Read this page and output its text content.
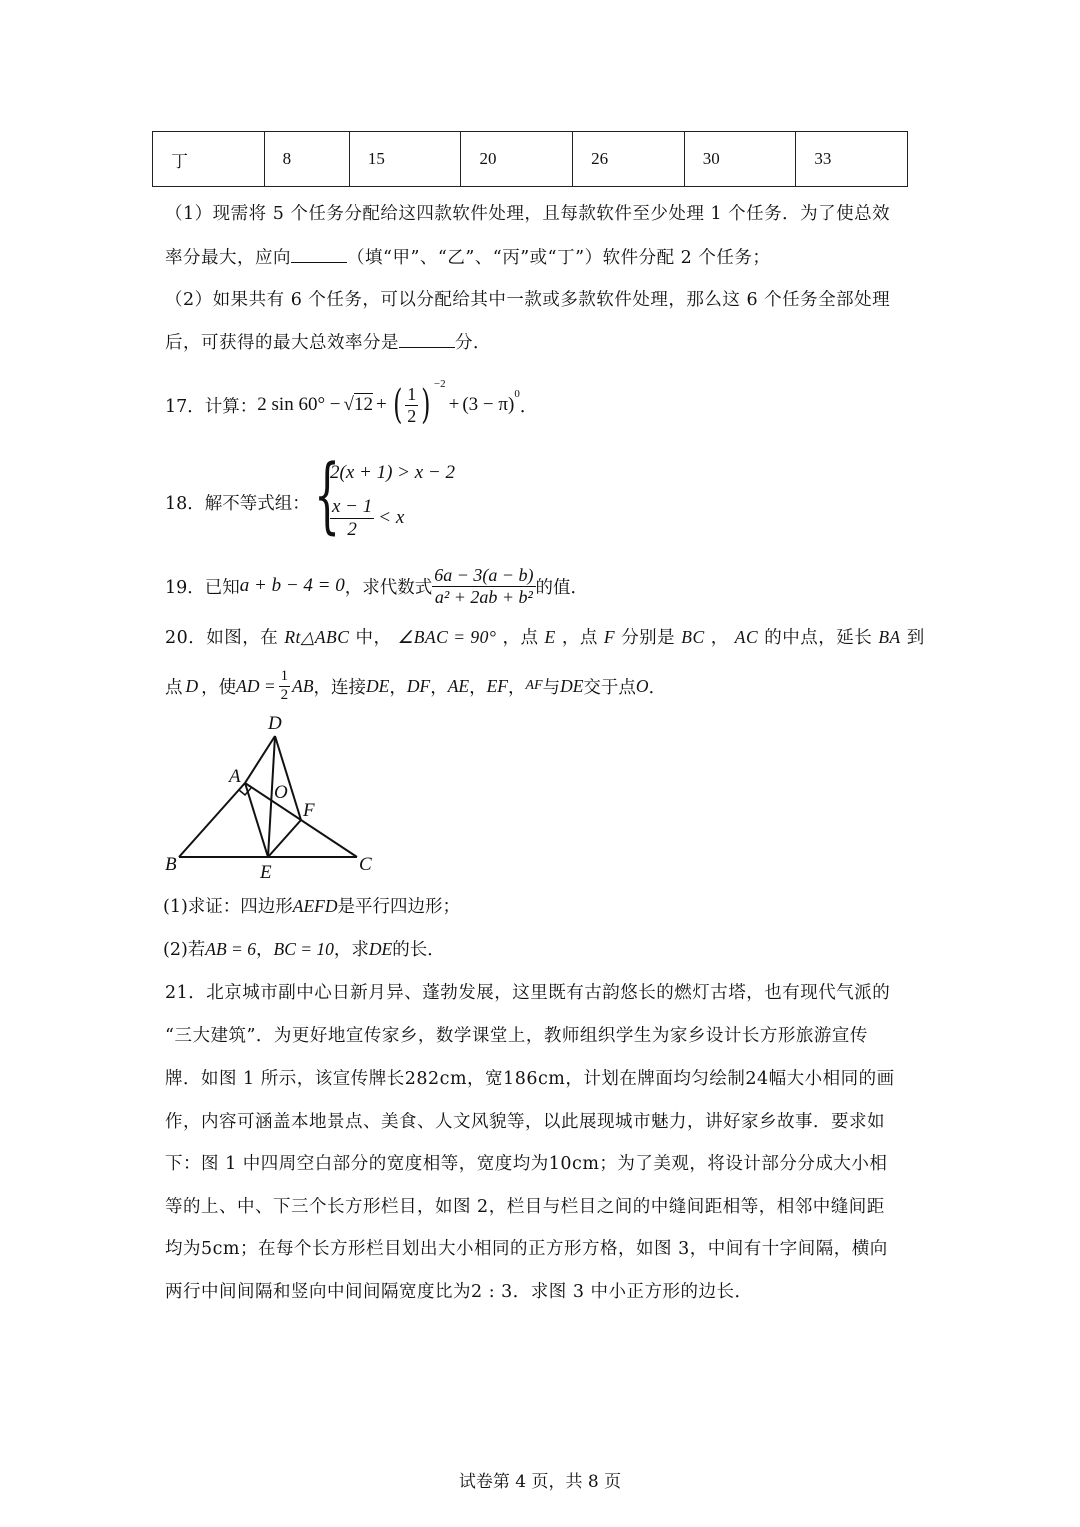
丁	8	15	20	26	30	33
（1）现需将 5 个任务分配给这四款软件处理，且每款软件至少处理 1 个任务．为了使总效
率分最大，应向	（填“甲”、“乙”、“丙”或“丁”）软件分配 2 个任务；
（2）如果共有 6 个任务，可以分配给其中一款或多款软件处理，那么这 6 个任务全部处理
后，可获得的最大总效率分是	分．
17．计算： 2 sin 60° − √12 + ( $\frac{1}{2}$ ) −2
+ (3 − π) 0
．
18．解不等式组： {
2(x + 1) > x − 2
$\frac{x - 1}{2} < x$
19．已知 a + b − 4 = 0 ，求代数式 $\frac{6a - 3(a - b)}{\text{a² + 2ab + b²}}$ 的值．
20．如图，在 Rt△ABC 中， ∠BAC = 90° ，点 E ，点 F 分别是 BC ， AC 的中点，延长 BA 到
点 D ，使 AD = $\frac{1}{2}$ AB ，连接 DE ， DF ， AE ， EF ， AF 与 DE 交于点 O ．
D
A
O
F
B	E	C
(1)求证：四边形AEFD是平行四边形；
(2)若AB = 6，BC = 10，求DE的长．
21．北京城市副中心日新月异、蓬勃发展，这里既有古韵悠长的燃灯古塔，也有现代气派的
“三大建筑”．为更好地宣传家乡，数学课堂上，教师组织学生为家乡设计长方形旅游宣传
牌．如图 1 所示，该宣传牌长282cm，宽186cm，计划在牌面均匀绘制24幅大小相同的画
作，内容可涵盖本地景点、美食、人文风貌等，以此展现城市魅力，讲好家乡故事．要求如
下：图 1 中四周空白部分的宽度相等，宽度均为10cm；为了美观，将设计部分分成大小相
等的上、中、下三个长方形栏目，如图 2，栏目与栏目之间的中缝间距相等，相邻中缝间距
均为5cm；在每个长方形栏目划出大小相同的正方形方格，如图 3，中间有十字间隔，横向
两行中间间隔和竖向中间间隔宽度比为2 : 3．求图 3 中小正方形的边长．
试卷第 4 页，共 8 页
